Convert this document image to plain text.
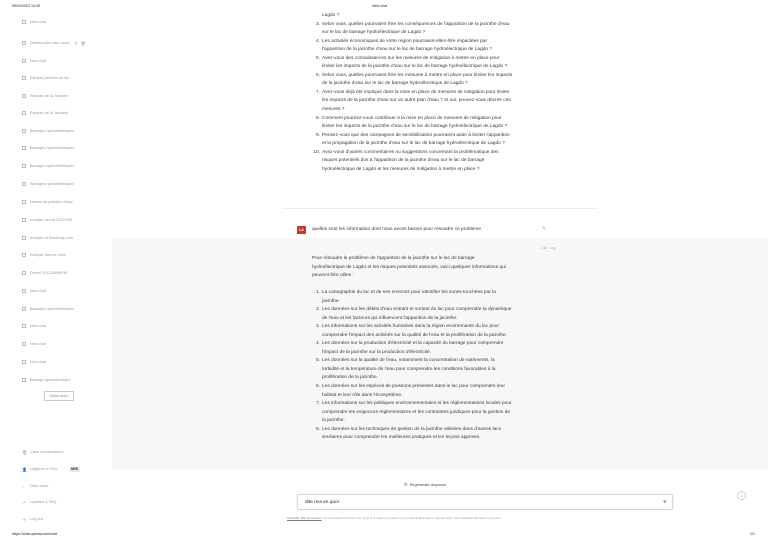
05/04/2023 15:39	New chat
New chat
Détérioration des cours ✎ 🗑
New chat
Risques jacinthe au lac
Risques de la Jacinthe
Risques de la Jacinthe
Barrages hydroélectriques
Barrages hydroélectriques
Barrages hydroélectriques
Barrages hydroélectriques
Niveau de pollution d'eau
Analyse décret 2012/069
Analyse of Electricity Law
Analyse Decree Note
Décret 2012/2806/PM
New chat
Barrages hydroélectriques
New chat
New chat
New chat
Barrage hydroélectrique
Show more
🗑 Clear conversations
👤 Upgrade to Plus	NEW
☾ Dark mode
↗ Updates & FAQ
⇥ Log out
Lagdo ?
3 . Selon vous, quelles pourraient être les conséquences de l'apparition de la jacinthe d'eau
sur le lac de barrage hydroélectrique de Lagdo ?
4 . Les activités économiques de votre région pourraient-elles être impactées par
l'apparition de la jacinthe d'eau sur le lac de barrage hydroélectrique de Lagdo ?
5 . Avez-vous des connaissances sur les mesures de mitigation à mettre en place pour
limiter les impacts de la jacinthe d'eau sur le lac de barrage hydroélectrique de Lagdo ?
6 . Selon vous, quelles pourraient être les mesures à mettre en place pour limiter les impacts
de la jacinthe d'eau sur le lac de barrage hydroélectrique de Lagdo ?
7 . Avez-vous déjà été impliqué dans la mise en place de mesures de mitigation pour limiter
les impacts de la jacinthe d'eau sur un autre plan d'eau ? Si oui, pouvez-vous décrire ces
mesures ?
8 . Comment pourriez-vous contribuer à la mise en place de mesures de mitigation pour
limiter les impacts de la jacinthe d'eau sur le lac de barrage hydroélectrique de Lagdo ?
9 . Pensez-vous que des campagnes de sensibilisation pourraient aider à limiter l'apparition
et la propagation de la jacinthe d'eau sur le lac de barrage hydroélectrique de Lagdo ?
10 . Avez-vous d'autres commentaires ou suggestions concernant la problématique des
risques potentiels dus à l'apparition de la jacinthe d'eau sur le lac de barrage
hydroélectrique de Lagdo et les mesures de mitigation à mettre en place ?
LA	quelles sont les information dont nous avons besoin pour resoudre ce probleme	✎
👍︎ 👎︎
Pour résoudre le problème de l'apparition de la jacinthe sur le lac de barrage
hydroélectrique de Lagdo et les risques potentiels associés, voici quelques informations qui
peuvent être utiles :
1 . La cartographie du lac et de ses environs pour identifier les zones touchées par la
jacinthe.
2 . Les données sur les débits d'eau entrant et sortant du lac pour comprendre la dynamique
de l'eau et les facteurs qui influencent l'apparition de la jacinthe.
3 . Les informations sur les activités humaines dans la région environnante du lac pour
comprendre l'impact des activités sur la qualité de l'eau et la prolifération de la jacinthe.
4 . Les données sur la production d'électricité et la capacité du barrage pour comprendre
l'impact de la jacinthe sur la production d'électricité.
5 . Les données sur la qualité de l'eau, notamment la concentration de nutriments, la
turbidité et la température de l'eau pour comprendre les conditions favorables à la
prolifération de la jacinthe.
6 . Les données sur les espèces de poissons présentes dans le lac pour comprendre leur
habitat et leur rôle dans l'écosystème.
7 . Les informations sur les politiques environnementales et les réglementations locales pour
comprendre les exigences réglementaires et les contraintes juridiques pour la gestion de
la jacinthe.
8 . Les données sur les techniques de gestion de la jacinthe utilisées dans d'autres lacs
similaires pour comprendre les meilleures pratiques et les leçons apprises.
↻ Regenerate response
↓
dite moi en quoi	➤
ChatGPT Mar 23 Version. Free Research Preview. Our goal is to make AI systems more natural and safe to interact with. Your feedback will help us improve.
https://chat.openai.com/chat	1/1
